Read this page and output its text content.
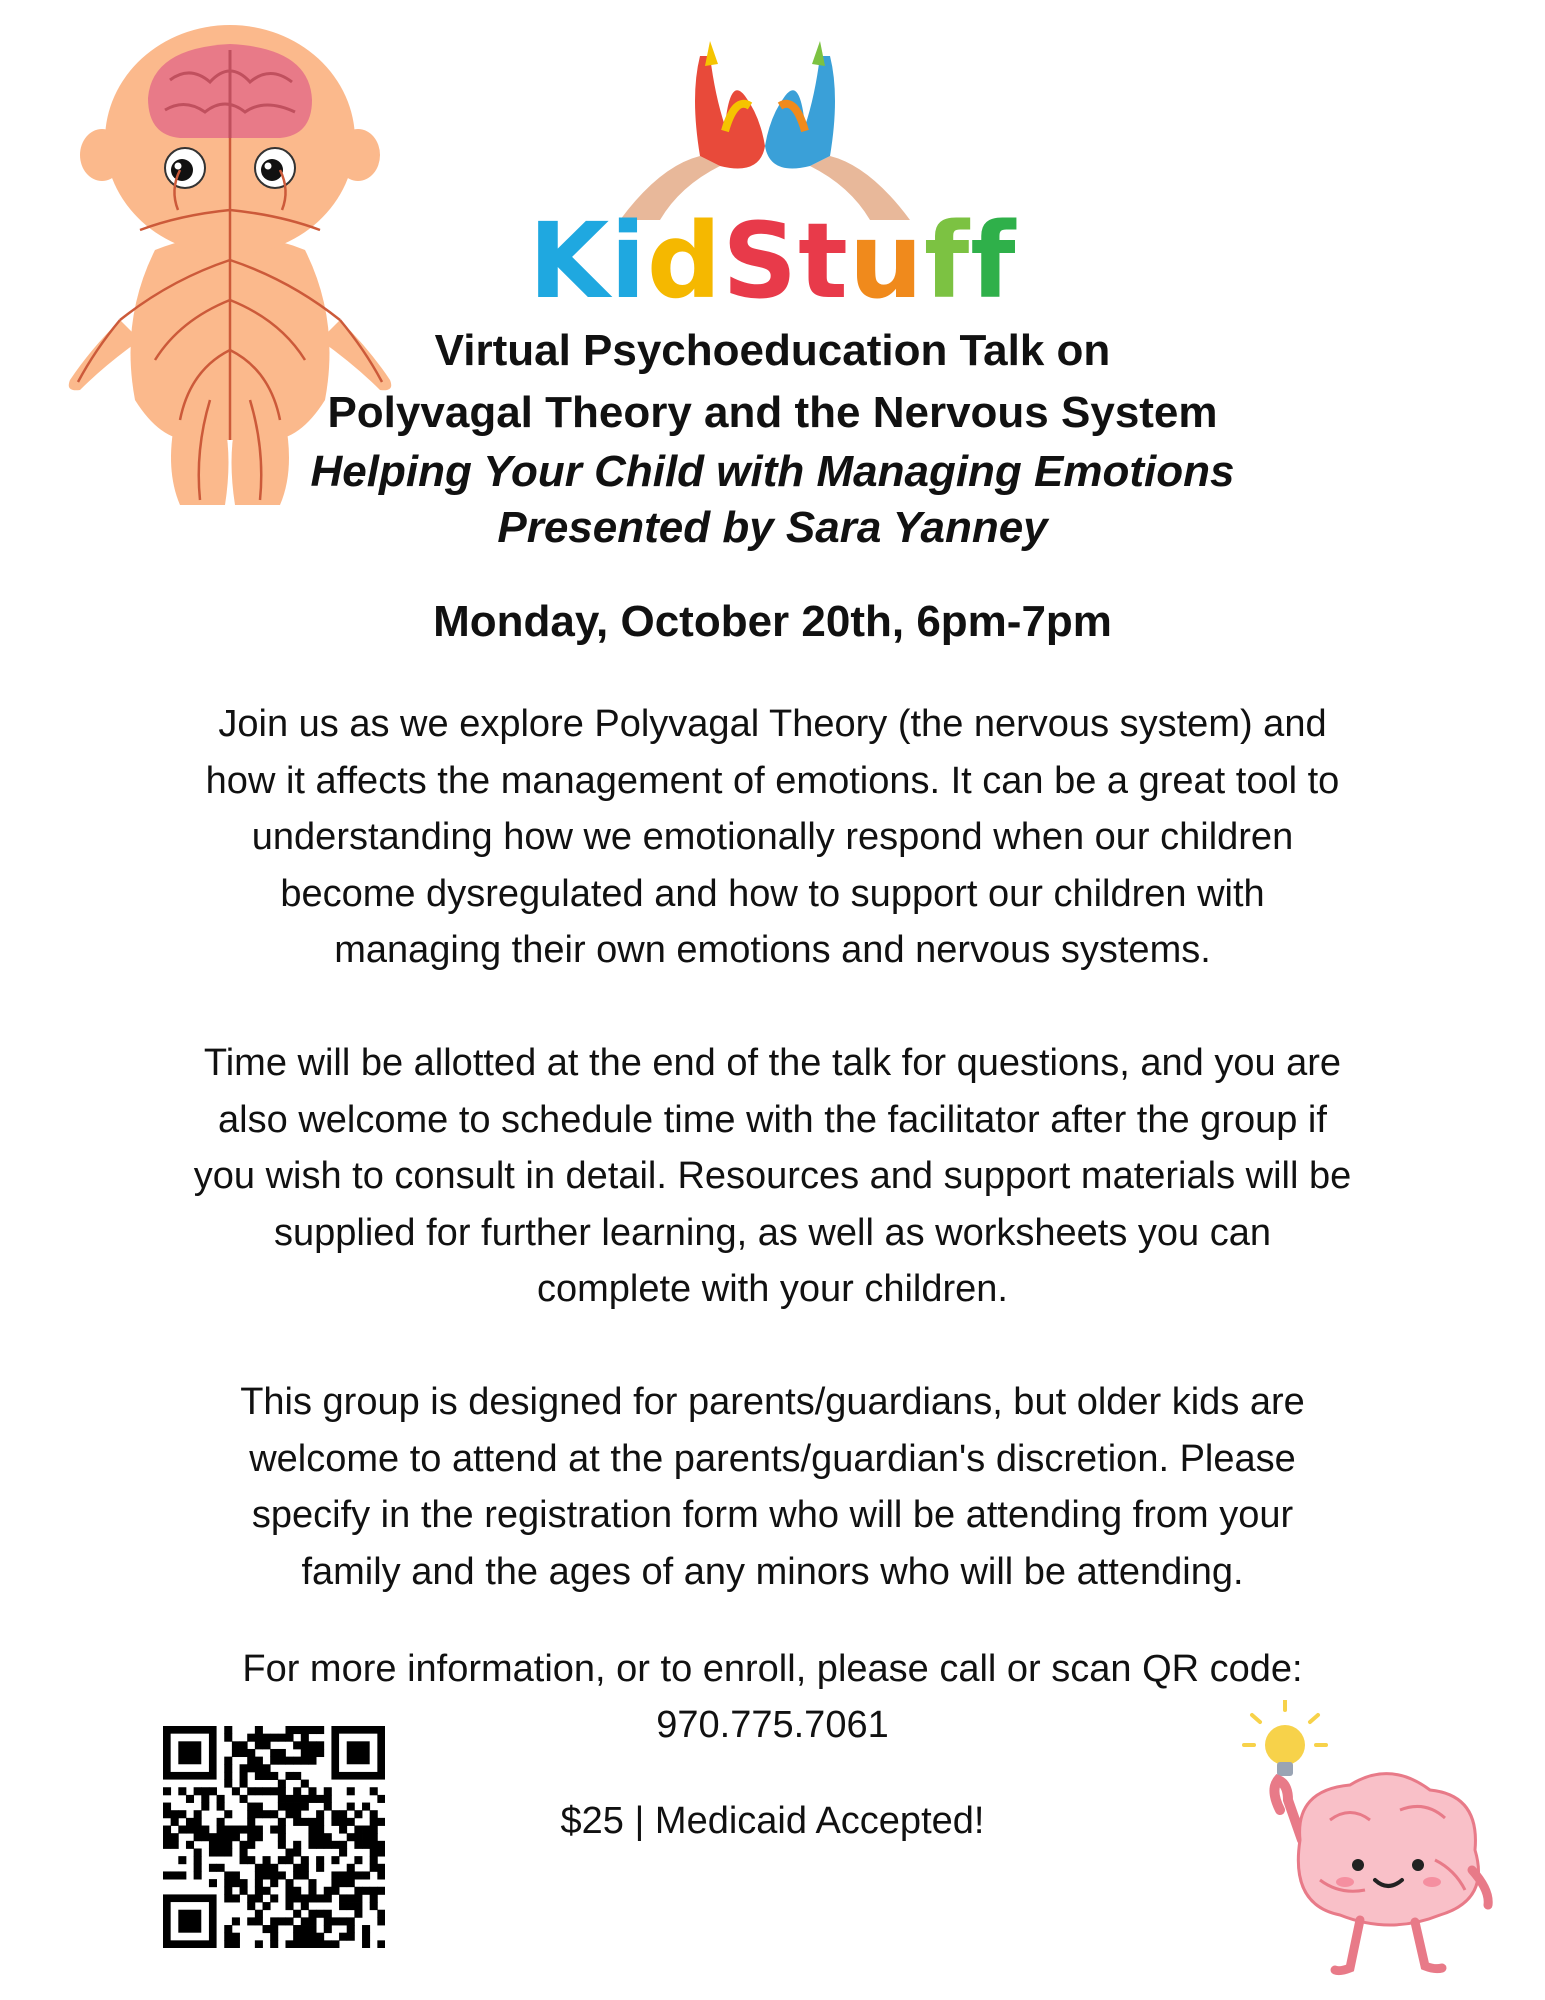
KidStuff
Virtual Psychoeducation Talk on
Polyvagal Theory and the Nervous System
Helping Your Child with Managing Emotions
Presented by Sara Yanney
Monday, October 20th, 6pm-7pm

Join us as we explore Polyvagal Theory (the nervous system) and

how it affects the management of emotions. It can be a great tool to

understanding how we emotionally respond when our children

become dysregulated and how to support our children with

managing their own emotions and nervous systems.

Time will be allotted at the end of the talk for questions, and you are

also welcome to schedule time with the facilitator after the group if

you wish to consult in detail. Resources and support materials will be

supplied for further learning, as well as worksheets you can

complete with your children.

This group is designed for parents/guardians, but older kids are

welcome to attend at the parents/guardian's discretion. Please

specify in the registration form who will be attending from your

family and the ages of any minors who will be attending.

For more information, or to enroll, please call or scan QR code:
970.775.7061
$25 | Medicaid Accepted!
